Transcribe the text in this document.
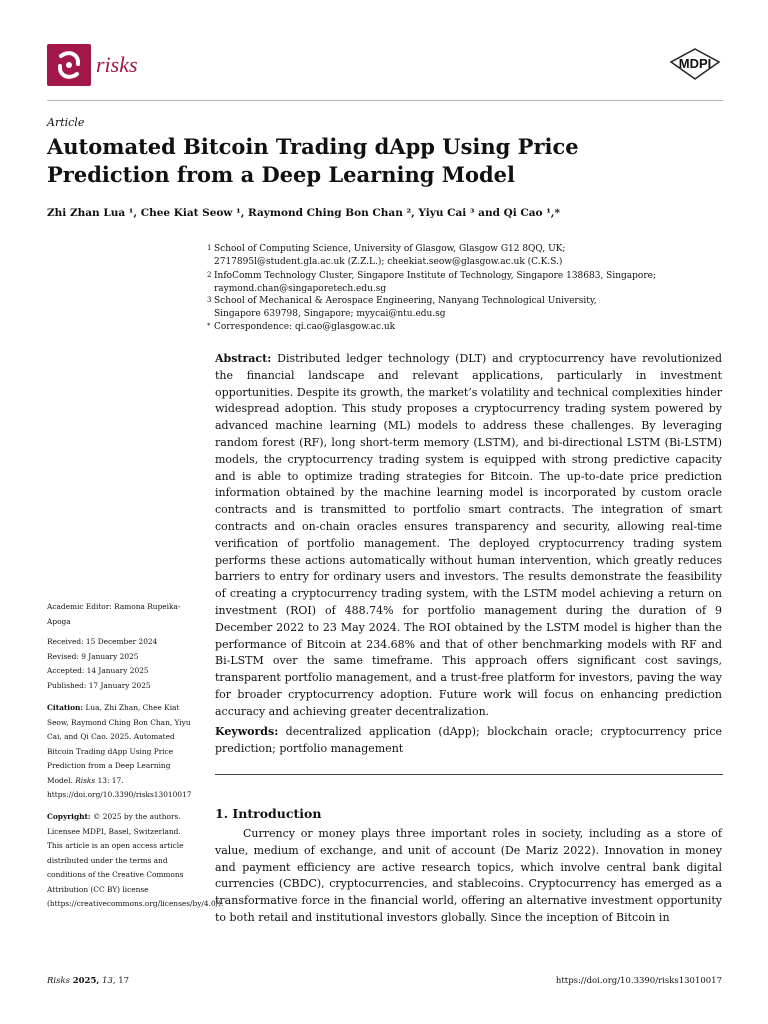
risks	MDPI
Article
Automated Bitcoin Trading dApp Using Price Prediction from a Deep Learning Model
Zhi Zhan Lua ¹, Chee Kiat Seow ¹, Raymond Ching Bon Chan ², Yiyu Cai ³ and Qi Cao ¹,*
1 School of Computing Science, University of Glasgow, Glasgow G12 8QQ, UK;
2717895l@student.gla.ac.uk (Z.Z.L.); cheekiat.seow@glasgow.ac.uk (C.K.S.)
2 InfoComm Technology Cluster, Singapore Institute of Technology, Singapore 138683, Singapore;
raymond.chan@singaporetech.edu.sg
3 School of Mechanical & Aerospace Engineering, Nanyang Technological University,
Singapore 639798, Singapore; myycai@ntu.edu.sg
* Correspondence: qi.cao@glasgow.ac.uk
Abstract: Distributed ledger technology (DLT) and cryptocurrency have revolutionized the financial landscape and relevant applications, particularly in investment opportunities. Despite its growth, the market’s volatility and technical complexities hinder widespread adoption. This study proposes a cryptocurrency trading system powered by advanced machine learning (ML) models to address these challenges. By leveraging random forest (RF), long short-term memory (LSTM), and bi-directional LSTM (Bi-LSTM) models, the cryptocurrency trading system is equipped with strong predictive capacity and is able to optimize trading strategies for Bitcoin. The up-to-date price prediction information obtained by the machine learning model is incorporated by custom oracle contracts and is transmitted to portfolio smart contracts. The integration of smart contracts and on-chain oracles ensures transparency and security, allowing real-time verification of portfolio management. The deployed cryptocurrency trading system performs these actions automatically without human intervention, which greatly reduces barriers to entry for ordinary users and investors. The results demonstrate the feasibility of creating a cryptocurrency trading system, with the LSTM model achieving a return on investment (ROI) of 488.74% for portfolio management during the duration of 9 December 2022 to 23 May 2024. The ROI obtained by the LSTM model is higher than the performance of Bitcoin at 234.68% and that of other benchmarking models with RF and Bi-LSTM over the same timeframe. This approach offers significant cost savings, transparent portfolio management, and a trust-free platform for investors, paving the way for broader cryptocurrency adoption. Future work will focus on enhancing prediction accuracy and achieving greater decentralization.
Keywords: decentralized application (dApp); blockchain oracle; cryptocurrency price prediction; portfolio management
1. Introduction
Currency or money plays three important roles in society, including as a store of value, medium of exchange, and unit of account (De Mariz 2022). Innovation in money and payment efficiency are active research topics, which involve central bank digital currencies (CBDC), cryptocurrencies, and stablecoins. Cryptocurrency has emerged as a transformative force in the financial world, offering an alternative investment opportunity to both retail and institutional investors globally. Since the inception of Bitcoin in
Academic Editor: Ramona Rupeika-Apoga
Received: 15 December 2024
Revised: 9 January 2025
Accepted: 14 January 2025
Published: 17 January 2025
Citation: Lua, Zhi Zhan, Chee Kiat Seow, Raymond Ching Bon Chan, Yiyu Cai, and Qi Cao. 2025. Automated Bitcoin Trading dApp Using Price Prediction from a Deep Learning Model. Risks 13: 17. https://doi.org/10.3390/risks13010017
Copyright: © 2025 by the authors. Licensee MDPI, Basel, Switzerland. This article is an open access article distributed under the terms and conditions of the Creative Commons Attribution (CC BY) license (https://creativecommons.org/licenses/by/4.0/).
Risks 2025, 13, 17	https://doi.org/10.3390/risks13010017
